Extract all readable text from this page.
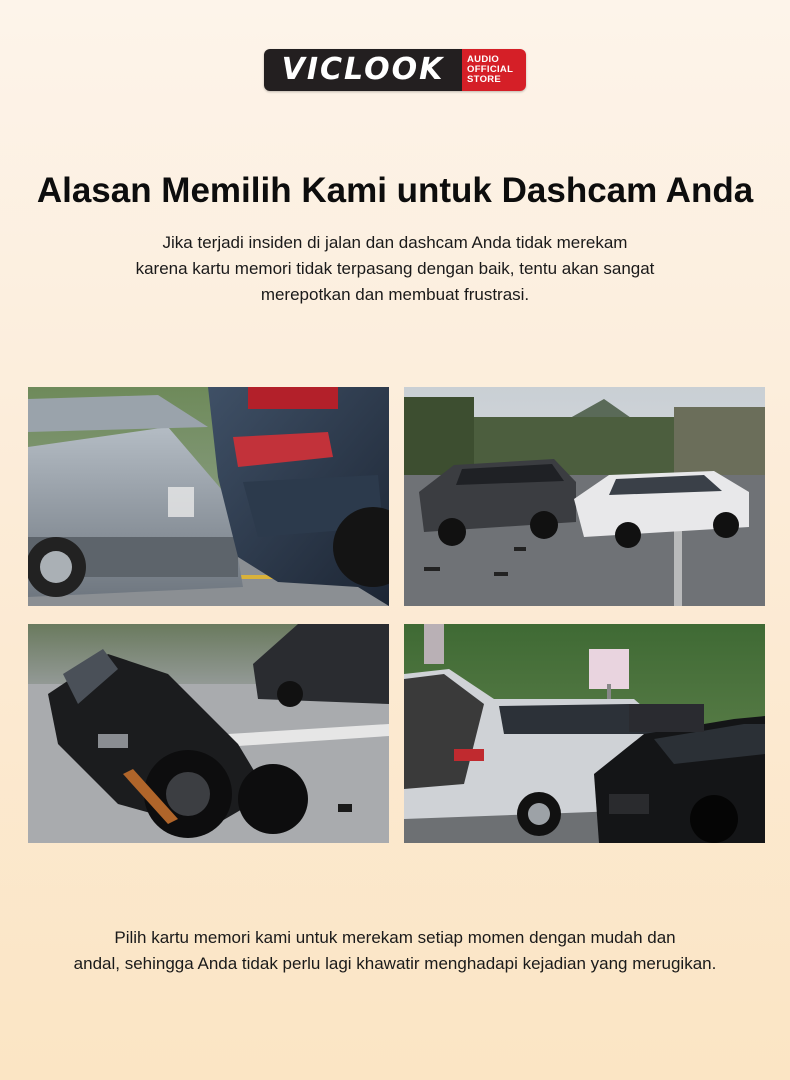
VICLOOK	AUDIO
OFFICIAL
STORE
Alasan Memilih Kami untuk Dashcam Anda

Jika terjadi insiden di jalan dan dashcam Anda tidak merekam
karena kartu memori tidak terpasang dengan baik, tentu akan sangat
merepotkan dan membuat frustrasi.

Pilih kartu memori kami untuk merekam setiap momen dengan mudah dan
andal, sehingga Anda tidak perlu lagi khawatir menghadapi kejadian yang merugikan.
